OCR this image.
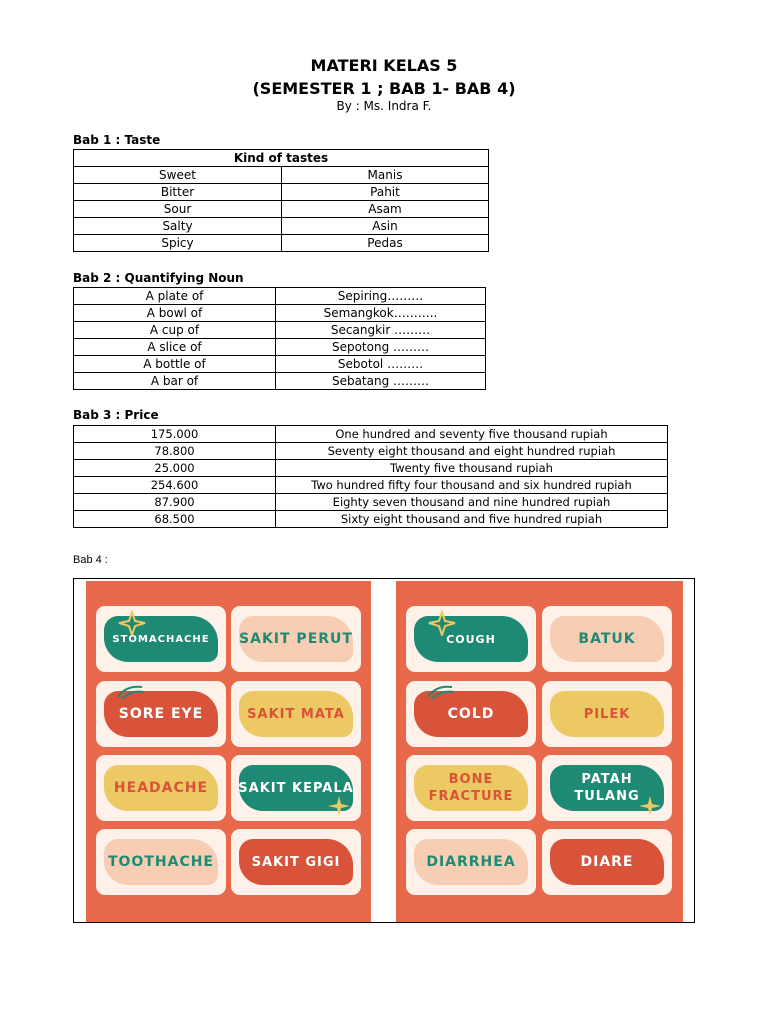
MATERI KELAS 5
(SEMESTER 1 ; BAB 1- BAB 4)
By : Ms. Indra F.
Bab 1 : Taste
Kind of tastes	
Sweet	Manis
Bitter	Pahit
Sour	Asam
Salty	Asin
Spicy	Pedas
Bab 2 : Quantifying Noun
A plate of	Sepiring………
A bowl of	Semangkok………..
A cup of	Secangkir ………
A slice of	Sepotong ………
A bottle of	Sebotol ………
A bar of	Sebatang ………
Bab 3 : Price
175.000	One hundred and seventy five thousand rupiah
78.800	Seventy eight thousand and eight hundred rupiah
25.000	Twenty five thousand rupiah
254.600	Two hundred fifty four thousand and six hundred rupiah
87.900	Eighty seven thousand and nine hundred rupiah
68.500	Sixty eight thousand and five hundred rupiah
Bab 4 :
STOMACHACHE	SAKIT PERUT
SORE EYE	SAKIT MATA
HEADACHE	SAKIT KEPALA
TOOTHACHE	SAKIT GIGI
COUGH	BATUK
COLD	PILEK
BONE FRACTURE
PATAH TULANG
DIARRHEA	DIARE
